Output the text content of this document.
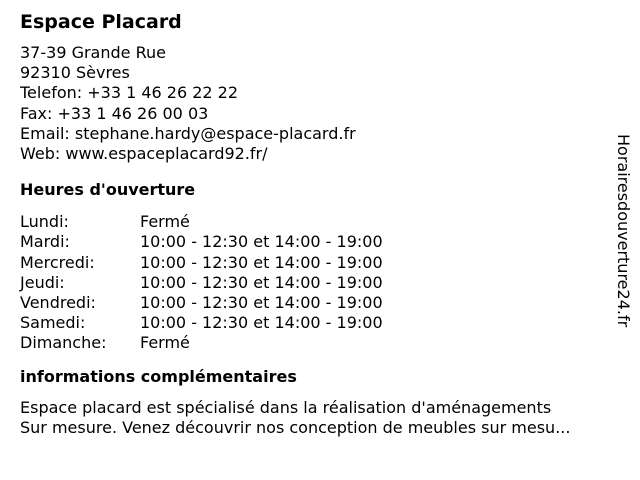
Espace Placard
37-39 Grande Rue
92310 Sèvres
Telefon: +33 1 46 26 22 22
Fax: +33 1 46 26 00 03
Email: stephane.hardy@espace-placard.fr
Web: www.espaceplacard92.fr/
Heures d'ouverture
Lundi:	Fermé
Mardi:	10:00 - 12:30 et 14:00 - 19:00
Mercredi:	10:00 - 12:30 et 14:00 - 19:00
Jeudi:	10:00 - 12:30 et 14:00 - 19:00
Vendredi:	10:00 - 12:30 et 14:00 - 19:00
Samedi:	10:00 - 12:30 et 14:00 - 19:00
Dimanche:	Fermé
informations complémentaires
Espace placard est spécialisé dans la réalisation d'aménagements
Sur mesure. Venez découvrir nos conception de meubles sur mesu...
Horairesdouverture24.fr
